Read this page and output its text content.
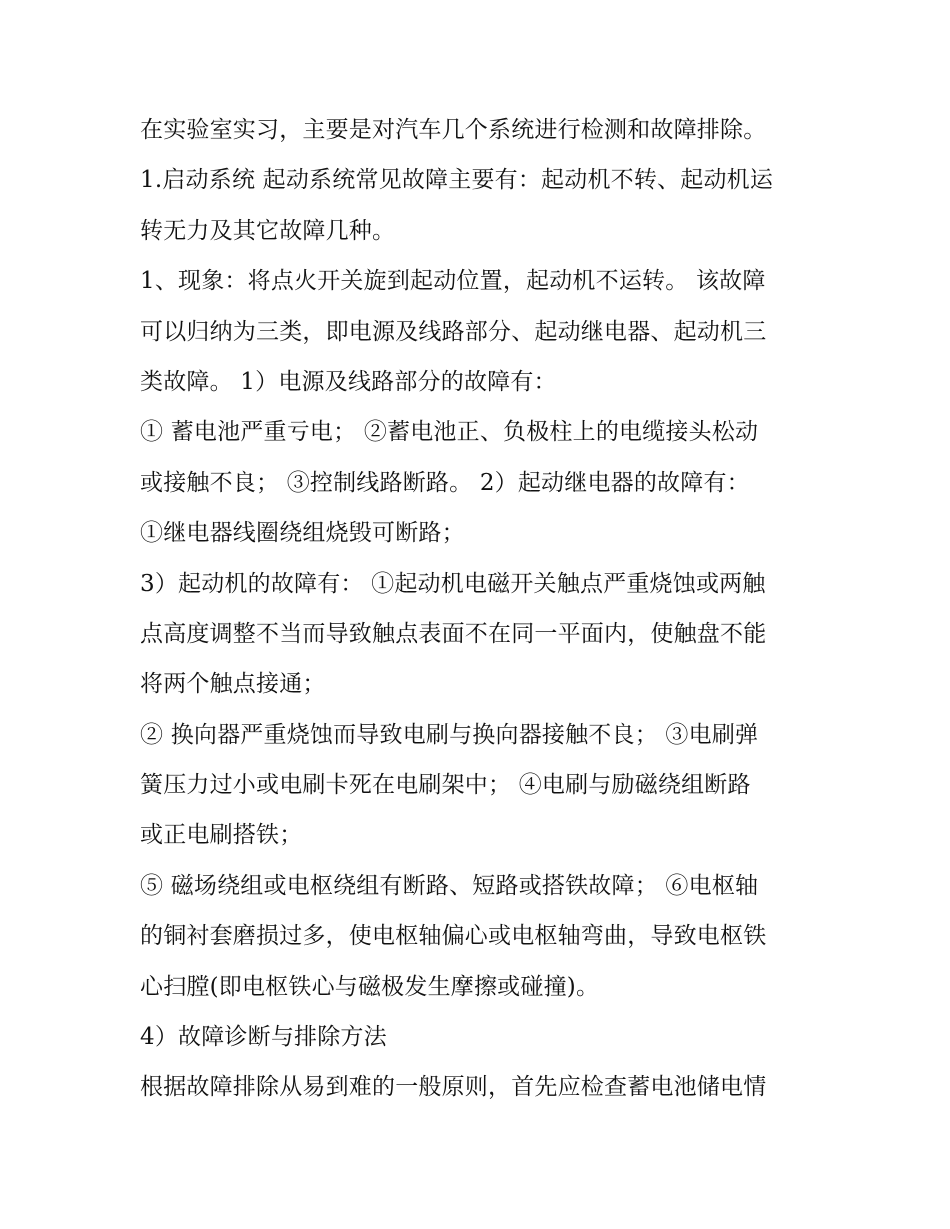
在实验室实习，主要是对汽车几个系统进行检测和故障排除。
1.启动系统 起动系统常见故障主要有：起动机不转、起动机运
转无力及其它故障几种。
1、现象：将点火开关旋到起动位置，起动机不运转。 该故障
可以归纳为三类，即电源及线路部分、起动继电器、起动机三
类故障。 1）电源及线路部分的故障有：
① 蓄电池严重亏电； ②蓄电池正、负极柱上的电缆接头松动
或接触不良； ③控制线路断路。 2）起动继电器的故障有：
①继电器线圈绕组烧毁可断路；
3）起动机的故障有： ①起动机电磁开关触点严重烧蚀或两触
点高度调整不当而导致触点表面不在同一平面内，使触盘不能
将两个触点接通；
② 换向器严重烧蚀而导致电刷与换向器接触不良； ③电刷弹
簧压力过小或电刷卡死在电刷架中； ④电刷与励磁绕组断路
或正电刷搭铁；
⑤ 磁场绕组或电枢绕组有断路、短路或搭铁故障； ⑥电枢轴
的铜衬套磨损过多，使电枢轴偏心或电枢轴弯曲，导致电枢铁
心扫膛(即电枢铁心与磁极发生摩擦或碰撞)。
4）故障诊断与排除方法
根据故障排除从易到难的一般原则，首先应检查蓄电池储电情
